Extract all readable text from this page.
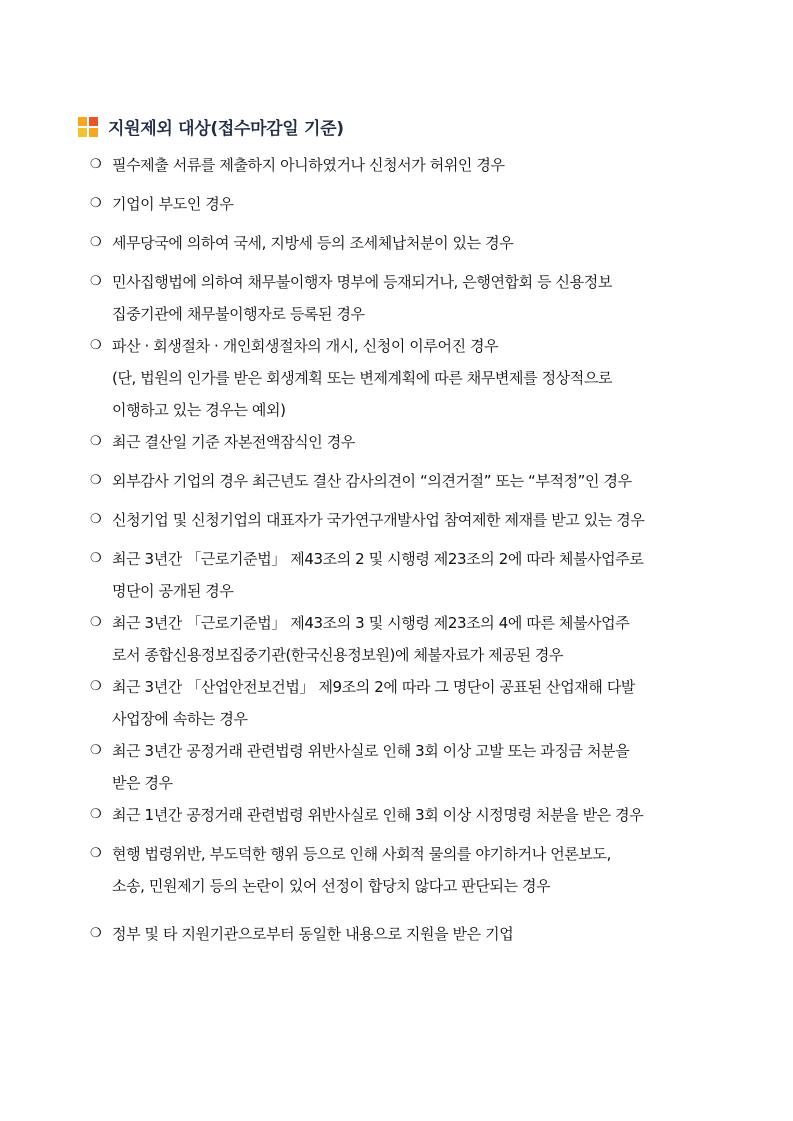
지원제외 대상(접수마감일 기준)
❍ 필수제출 서류를 제출하지 아니하였거나 신청서가 허위인 경우
❍ 기업이 부도인 경우
❍ 세무당국에 의하여 국세, 지방세 등의 조세체납처분이 있는 경우
❍ 민사집행법에 의하여 채무불이행자 명부에 등재되거나, 은행연합회 등 신용정보
집중기관에 채무불이행자로 등록된 경우
❍ 파산 · 회생절차 · 개인회생절차의 개시, 신청이 이루어진 경우
(단, 법원의 인가를 받은 회생계획 또는 변제계획에 따른 채무변제를 정상적으로
이행하고 있는 경우는 예외)
❍ 최근 결산일 기준 자본전액잠식인 경우
❍ 외부감사 기업의 경우 최근년도 결산 감사의견이 “의견거절” 또는 “부적정”인 경우
❍ 신청기업 및 신청기업의 대표자가 국가연구개발사업 참여제한 제재를 받고 있는 경우
❍ 최근 3년간 「근로기준법」 제43조의 2 및 시행령 제23조의 2에 따라 체불사업주로
명단이 공개된 경우
❍ 최근 3년간 「근로기준법」 제43조의 3 및 시행령 제23조의 4에 따른 체불사업주
로서 종합신용정보집중기관(한국신용정보원)에 체불자료가 제공된 경우
❍ 최근 3년간 「산업안전보건법」 제9조의 2에 따라 그 명단이 공표된 산업재해 다발
사업장에 속하는 경우
❍ 최근 3년간 공정거래 관련법령 위반사실로 인해 3회 이상 고발 또는 과징금 처분을
받은 경우
❍ 최근 1년간 공정거래 관련법령 위반사실로 인해 3회 이상 시정명령 처분을 받은 경우
❍ 현행 법령위반, 부도덕한 행위 등으로 인해 사회적 물의를 야기하거나 언론보도,
소송, 민원제기 등의 논란이 있어 선정이 합당치 않다고 판단되는 경우
❍ 정부 및 타 지원기관으로부터 동일한 내용으로 지원을 받은 기업
